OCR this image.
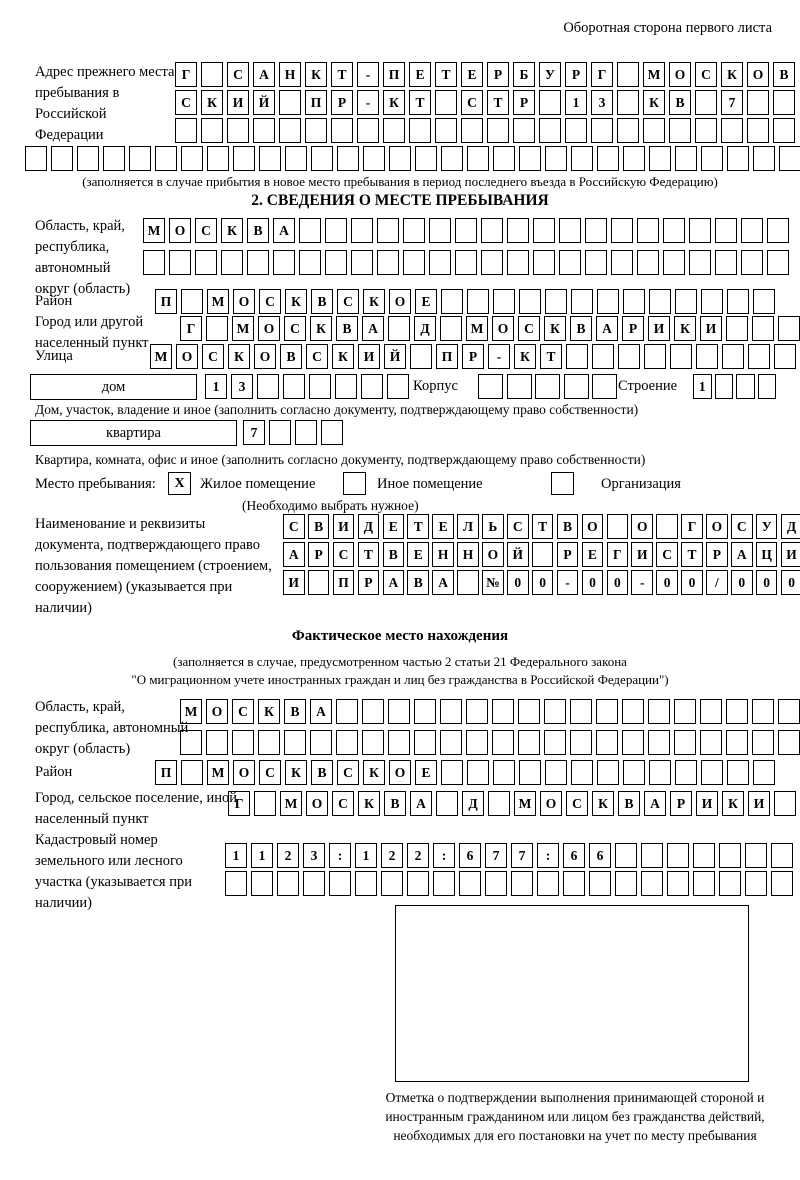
Оборотная сторона первого листа
Адрес прежнего места пребывания в Российской Федерации
Г	С	А	Н	К	Т	-	П	Е	Т	Е	Р	Б	У	Р	Г	М	О	С	К	О	В
С	К	И	Й	П	Р	-	К	Т	С	Т	Р	1	3	К	В	7
(заполняется в случае прибытия в новое место пребывания в период последнего въезда в Российскую Федерацию)
2. СВЕДЕНИЯ О МЕСТЕ ПРЕБЫВАНИЯ
Область, край, республика, автономный округ (область)
М	О	С	К	В	А
Район	П	М	О	С	К	В	С	К	О	Е
Город или другой населенный пункт
Г	М	О	С	К	В	А	Д	М	О	С	К	В	А	Р	И	К	И
Улица	М	О	С	К	О	В	С	К	И	Й	П	Р	-	К	Т
дом	1	3	Корпус	Строение	1
Дом, участок, владение и иное (заполнить согласно документу, подтверждающему право собственности)
квартира	7
Квартира, комната, офис и иное (заполнить согласно документу, подтверждающему право собственности)
Место пребывания:	X	Жилое помещение	Иное помещение	Организация
(Необходимо выбрать нужное)
Наименование и реквизиты документа, подтверждающего право пользования помещением (строением, сооружением) (указывается при наличии)
С	В	И	Д	Е	Т	Е	Л	Ь	С	Т	В	О	О	Г	О	С	У	Д
А	Р	С	Т	В	Е	Н	Н	О	Й	Р	Е	Г	И	С	Т	Р	А	Ц	И
И	П	Р	А	В	А	№	0	0	-	0	0	-	0	0	/	0	0	0
Фактическое место нахождения
(заполняется в случае, предусмотренном частью 2 статьи 21 Федерального закона
"О миграционном учете иностранных граждан и лиц без гражданства в Российской Федерации")
Область, край, республика, автономный округ (область)
М	О	С	К	В	А
Район	П	М	О	С	К	В	С	К	О	Е
Город, сельское поселение, иной населенный пункт
Г	М	О	С	К	В	А	Д	М	О	С	К	В	А	Р	И	К	И
Кадастровый номер земельного или лесного участка (указывается при наличии)
1	1	2	3	:	1	2	2	:	6	7	7	:	6	6
Отметка о подтверждении выполнения принимающей стороной и иностранным гражданином или лицом без гражданства действий, необходимых для его постановки на учет по месту пребывания
